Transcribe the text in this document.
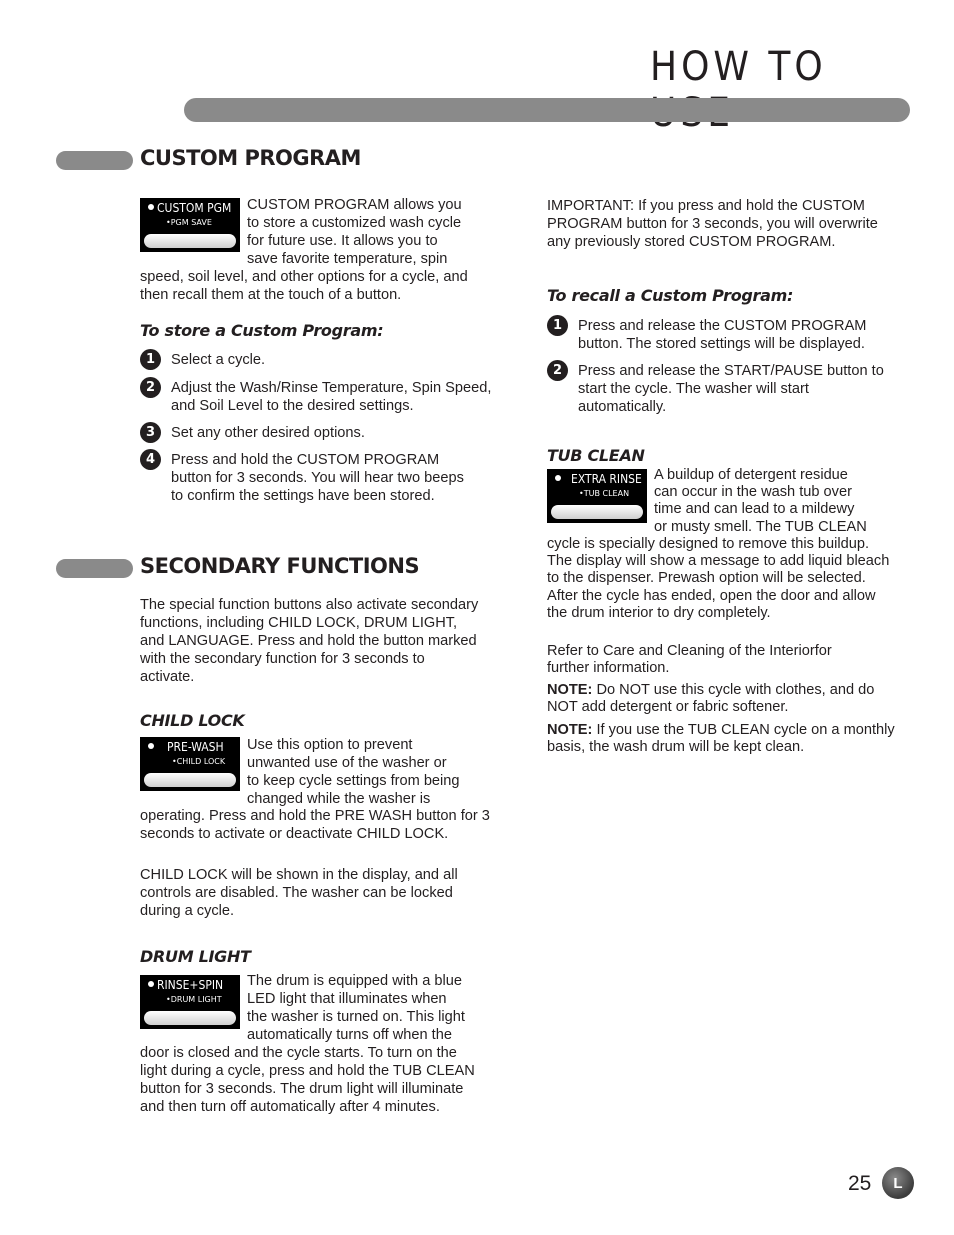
HOW TO
CUSTOM PROGRAM
CUSTOM PGM
•PGM SAVE
CUSTOM PROGRAM allows you
to store a customized wash cycle
for future use. It allows you to
save favorite temperature, spin

speed, soil level, and other options for a cycle, and then recall them at the touch of a button.

To store a Custom Program:
1	Select a cycle.
2	Adjust the Wash/Rinse Temperature, Spin Speed, and Soil Level to the desired settings.
3	Set any other desired options.
4	Press and hold the CUSTOM PROGRAM button for 3 seconds. You will hear two beeps to confirm the settings have been stored.
SECONDARY FUNCTIONS

The special function buttons also activate secondary functions, including CHILD LOCK, DRUM LIGHT, and LANGUAGE. Press and hold the button marked with the secondary function for 3 seconds to activate.

CHILD LOCK
PRE-WASH
•CHILD LOCK
Use this option to prevent
unwanted use of the washer or
to keep cycle settings from being
changed while the washer is

operating. Press and hold the PRE WASH button for 3 seconds to activate or deactivate CHILD LOCK.

CHILD LOCK will be shown in the display, and all controls are disabled. The washer can be locked during a cycle.

DRUM LIGHT
RINSE+SPIN
•DRUM LIGHT
The drum is equipped with a blue
LED light that illuminates when
the washer is turned on. This light
automatically turns off when the

door is closed and the cycle starts. To turn on the light during a cycle, press and hold the TUB CLEAN button for 3 seconds. The drum light will illuminate and then turn off automatically after 4 minutes.

IMPORTANT: If you press and hold the CUSTOM PROGRAM button for 3 seconds, you will overwrite any previously stored CUSTOM PROGRAM.

To recall a Custom Program:
1	Press and release the CUSTOM PROGRAM button. The stored settings will be displayed.
2	Press and release the START/PAUSE button to start the cycle. The washer will start automatically.
TUB CLEAN
EXTRA RINSE
•TUB CLEAN
A buildup of detergent residue
can occur in the wash tub over
time and can lead to a mildewy
or musty smell. The TUB CLEAN

cycle is specially designed to remove this buildup. The display will show a message to add liquid bleach to the dispenser. Prewash option will be selected. After the cycle has ended, open the door and allow the drum interior to dry completely.

Refer to Care and Cleaning of the Interiorfor further information.

NOTE: Do NOT use this cycle with clothes, and do NOT add detergent or fabric softener.

NOTE: If you use the TUB CLEAN cycle on a monthly basis, the wash drum will be kept clean.

25	L
